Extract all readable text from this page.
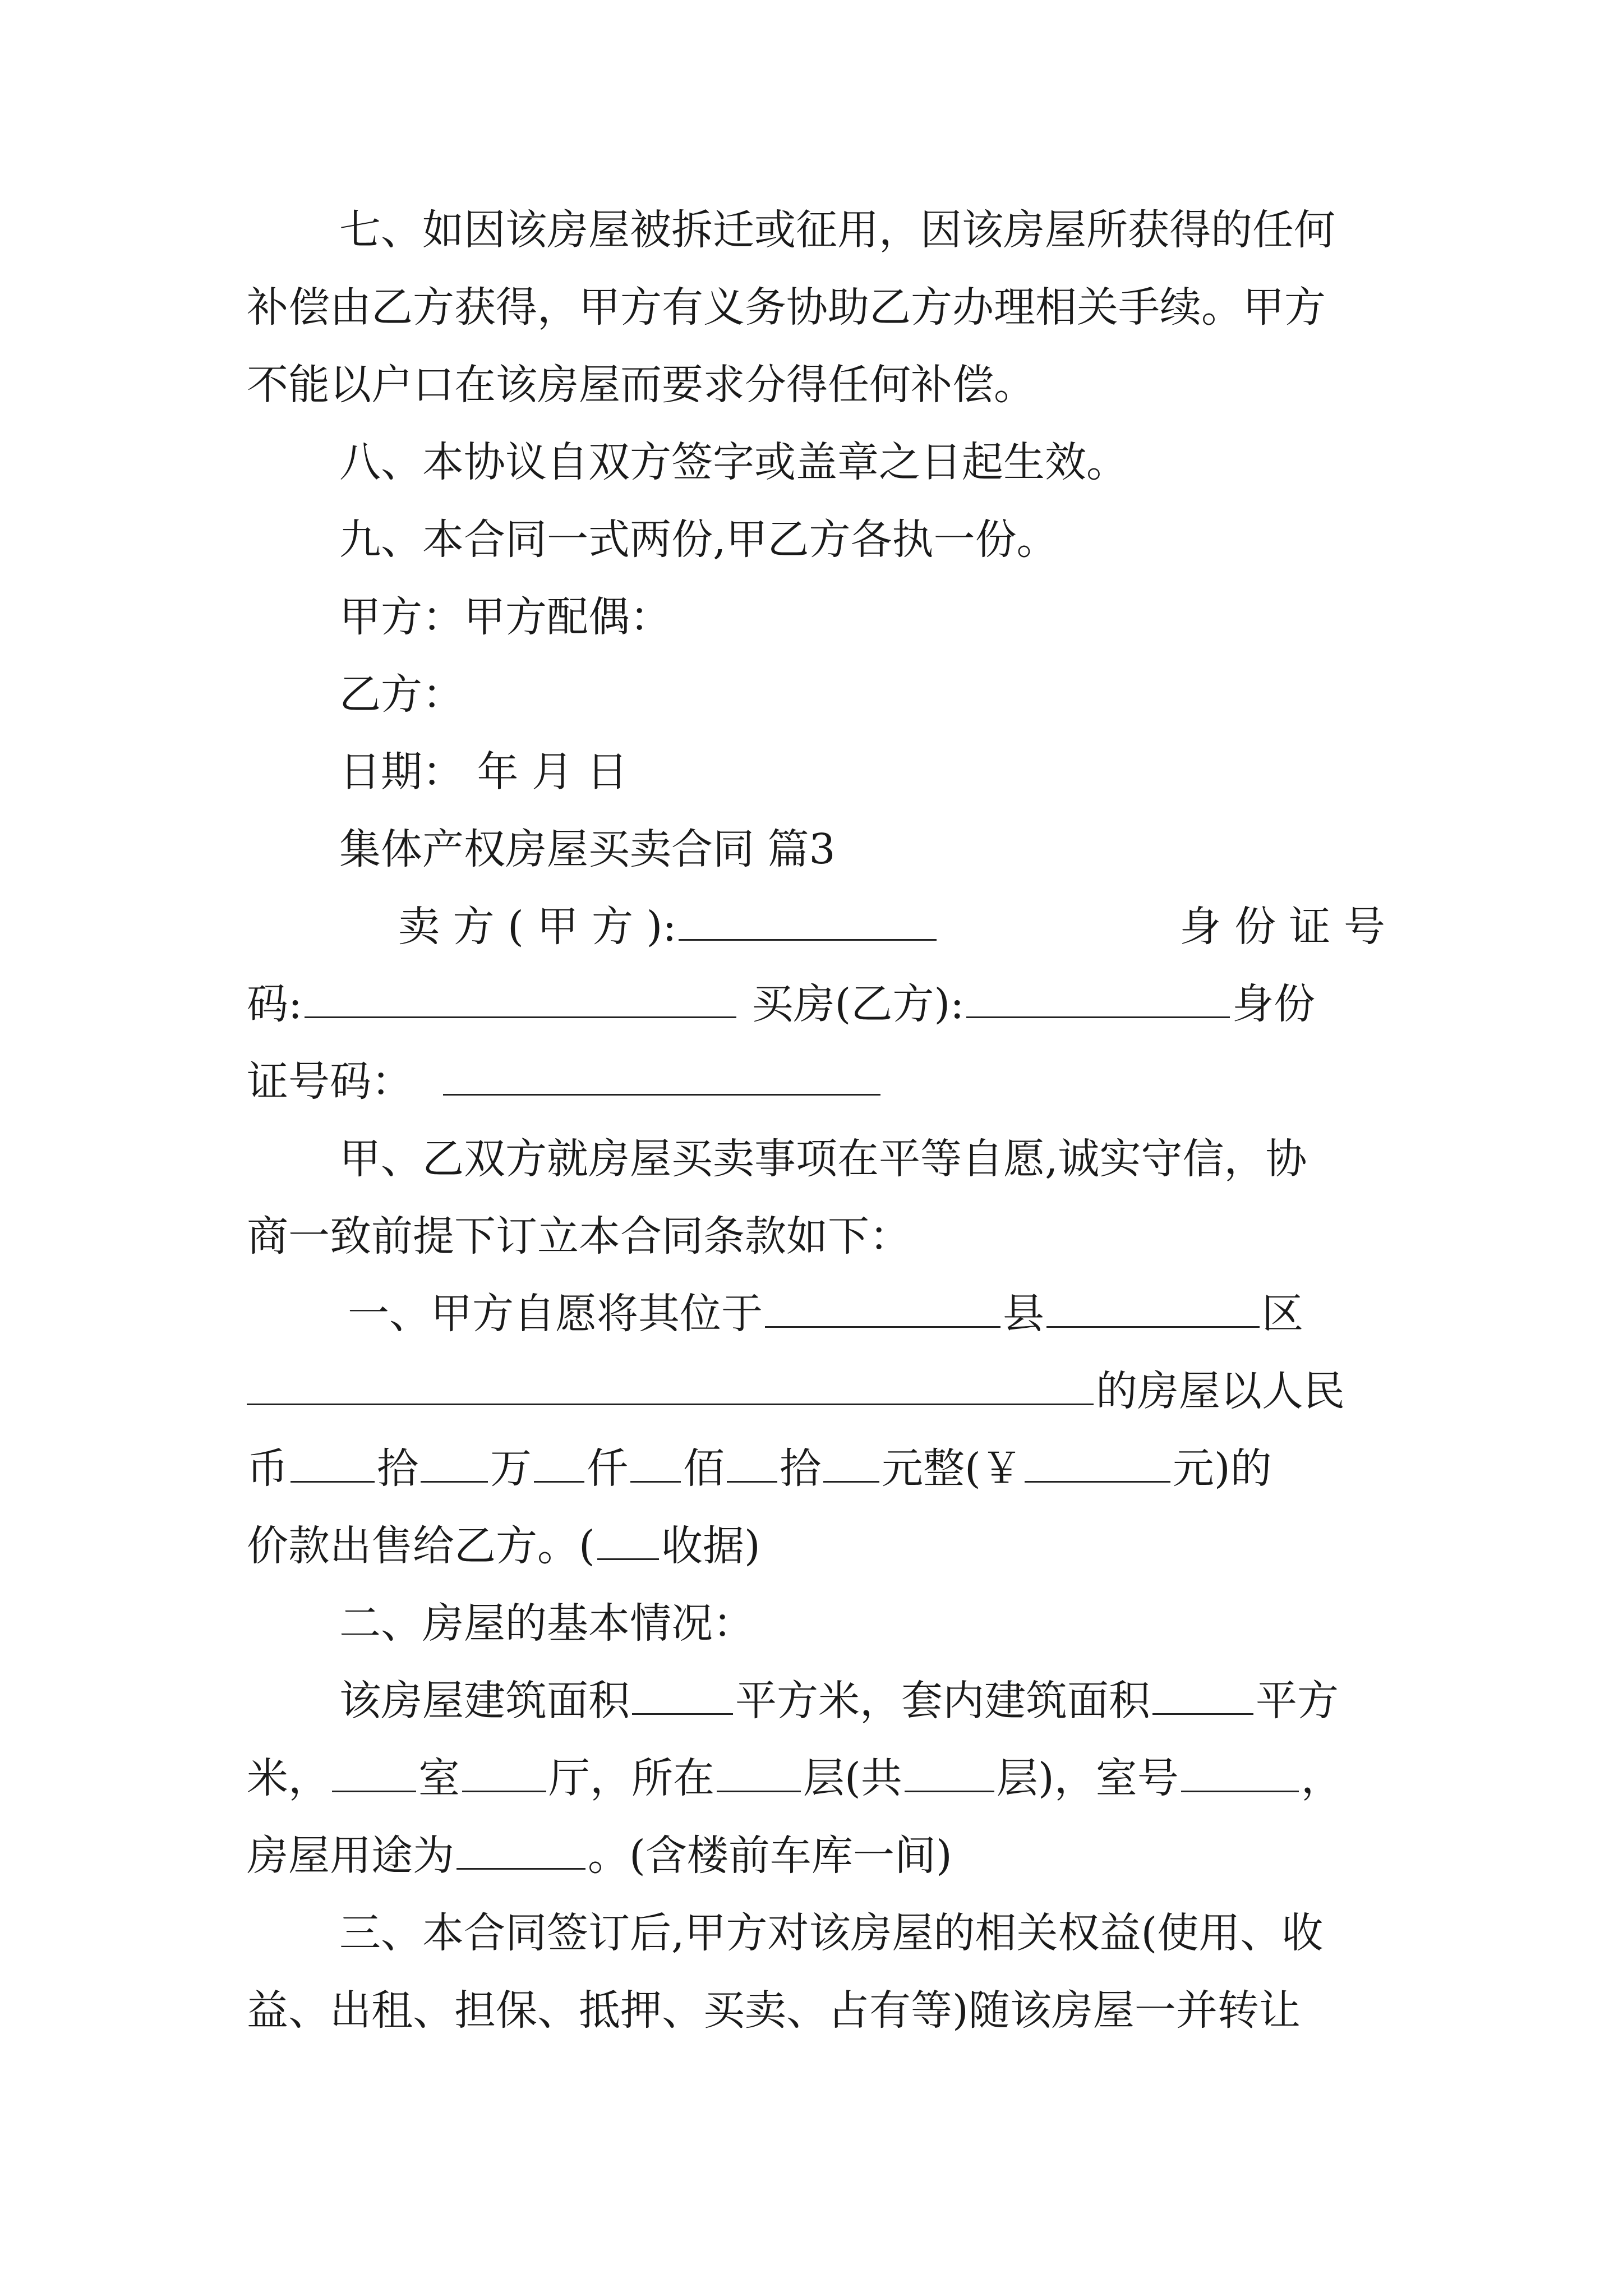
七、如因该房屋被拆迁或征用，因该房屋所获得的任何
补偿由乙方获得，甲方有义务协助乙方办理相关手续。甲方
不能以户口在该房屋而要求分得任何补偿。
八、本协议自双方签字或盖章之日起生效。
九、本合同一式两份,甲乙方各执一份。
甲方：甲方配偶：
乙方：
日期： 年 月 日
集体产权房屋买卖合同 篇3
卖 方 ( 甲 方 ):	身 份 证 号
码:	买房(乙方):	身份
证号码：
甲、乙双方就房屋买卖事项在平等自愿,诚实守信，协
商一致前提下订立本合同条款如下：
一、甲方自愿将其位于	县	区
的房屋以人民
币 拾 万 仟 佰 拾 元整(￥	元)的
价款出售给乙方。( 收据)
二、房屋的基本情况：
该房屋建筑面积	平方米，套内建筑面积	平方
米， 室 厅，所在 层(共 层)，室号	，
房屋用途为	。(含楼前车库一间)
三、本合同签订后,甲方对该房屋的相关权益(使用、收
益、出租、担保、抵押、买卖、占有等)随该房屋一并转让
